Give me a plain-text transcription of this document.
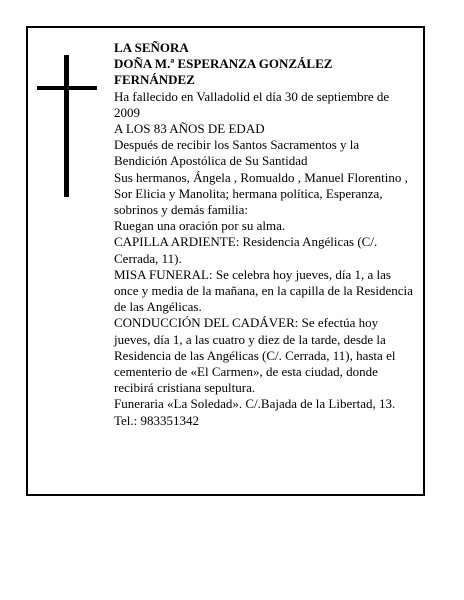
LA SEÑORA

DOÑA M.ª ESPERANZA GONZÁLEZ FERNÁNDEZ

Ha fallecido en Valladolid el día 30 de septiembre de 2009

A LOS 83 AÑOS DE EDAD

Después de recibir los Santos Sacramentos y la Bendición Apostólica de Su Santidad

Sus hermanos, Ángela , Romualdo , Manuel Florentino , Sor Elicia y Manolita; hermana política, Esperanza, sobrinos y demás familia:

Ruegan una oración por su alma.

CAPILLA ARDIENTE: Residencia Angélicas (C/. Cerrada, 11).

MISA FUNERAL: Se celebra hoy jueves, día 1, a las once y media de la mañana, en la capilla de la Residencia de las Angélicas.

CONDUCCIÓN DEL CADÁVER: Se efectúa hoy jueves, día 1, a las cuatro y diez de la tarde, desde la Residencia de las Angélicas (C/. Cerrada, 11), hasta el cementerio de «El Carmen», de esta ciudad, donde recibirá cristiana sepultura.

Funeraria «La Soledad». C/.Bajada de la Libertad, 13. Tel.: 983351342
